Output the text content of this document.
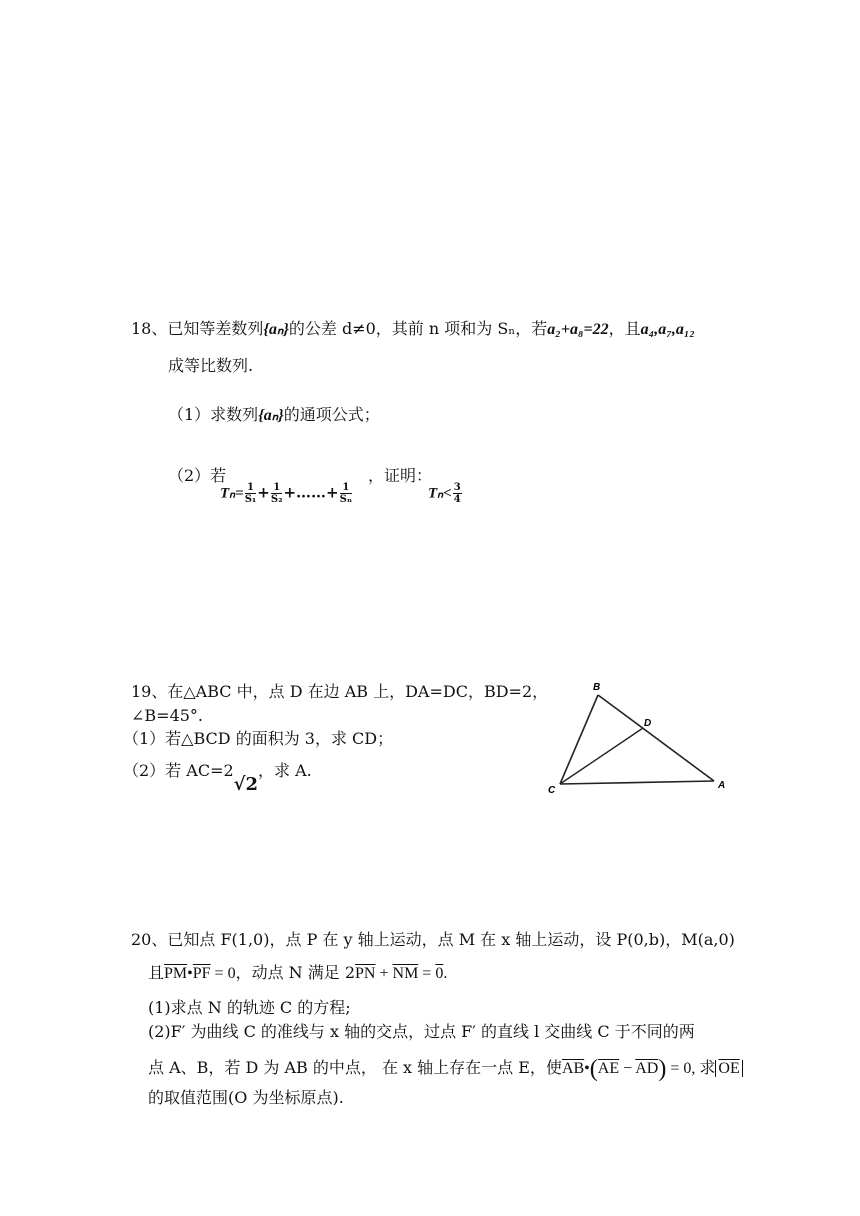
18、已知等差数列{aₙ}的公差 d≠0，其前 n 项和为 Sₙ，若a₂+a₈=22，且a₄,a₇,a₁₂
成等比数列.
（1）求数列{aₙ}的通项公式；
（2）若
$T_n= \frac{1}{\text{S₁}} + \frac{1}{\text{S₂}}$ +……+ $\frac{1}{\text{Sₙ}}$
，证明：
$T_n< \frac{3}{4}$
19、在△ABC 中，点 D 在边 AB 上，DA=DC，BD=2，
∠B=45°.
（1）若△BCD 的面积为 3，求 CD；
（2）若 AC=2√2，求 A.
B
D
C	A
20、已知点 F(1,0)，点 P 在 y 轴上运动，点 M 在 x 轴上运动，设 P(0,b)，M(a,0)
且$\overline{PM}•\overline{PF} = 0$，动点 N 满足 $2\overline{PN} + \overline{NM} = 0$.
(1)求点 N 的轨迹 C 的方程;
(2)F′ 为曲线 C 的准线与 x 轴的交点，过点 F′ 的直线 l 交曲线 C 于不同的两
点 A、B，若 D 为 AB 的中点， 在 x 轴上存在一点 E，使$\overline{AB}•(\overline{AE} - \overline{AD}) = 0$, 求 $\overline{OE}$
的取值范围(O 为坐标原点).
